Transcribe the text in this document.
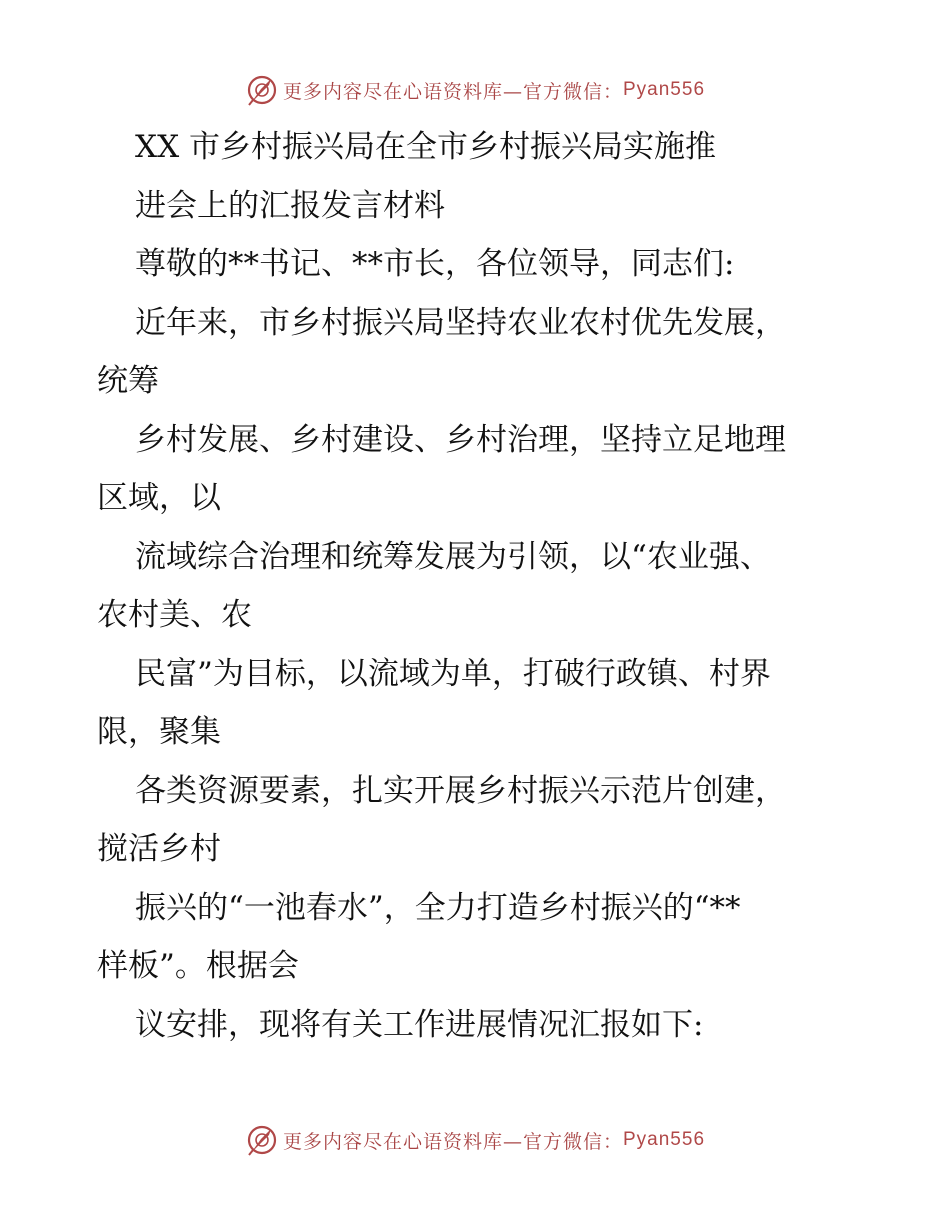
更多内容尽在心语资料库—官方微信： Pyan556
XX 市乡村振兴局在全市乡村振兴局实施推
进会上的汇报发言材料
尊敬的**书记、**市长，各位领导，同志们:
近年来，市乡村振兴局坚持农业农村优先发展，
统筹
乡村发展、乡村建设、乡村治理，坚持立足地理
区域，以
流域综合治理和统筹发展为引领，以“农业强、
农村美、农
民富”为目标，以流域为单，打破行政镇、村界
限，聚集
各类资源要素，扎实开展乡村振兴示范片创建，
搅活乡村
振兴的“一池春水”，全力打造乡村振兴的“**
样板”。根据会
议安排，现将有关工作进展情况汇报如下:
更多内容尽在心语资料库—官方微信： Pyan556
